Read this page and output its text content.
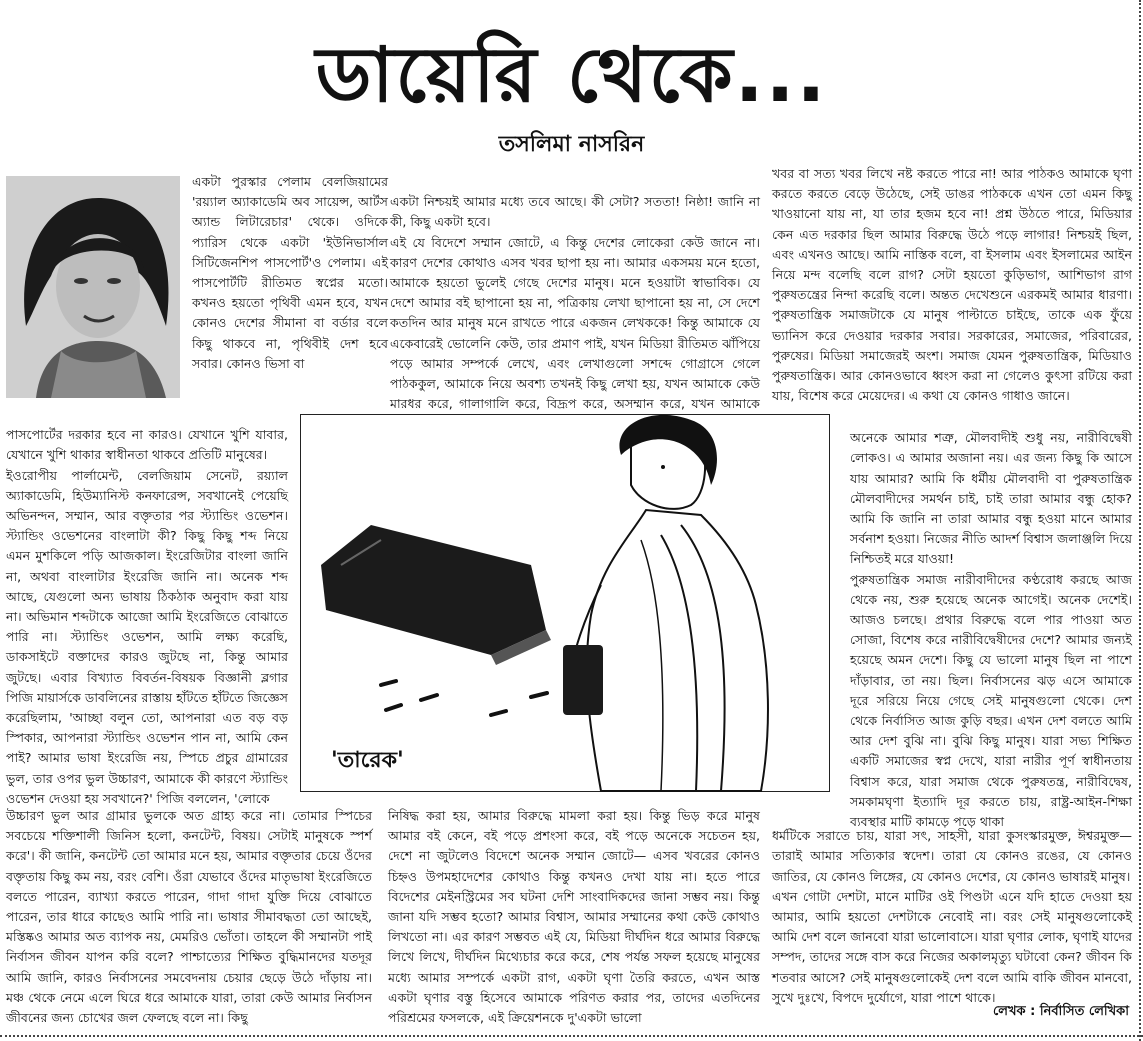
ডায়েরি থেকে...
তসলিমা নাসরিন

একটা পুরস্কার পেলাম বেলজিয়ামের 'রয়্যাল অ্যাকাডেমি অব সায়েন্স, আর্টস অ্যান্ড লিটারেচার' থেকে। ওদিকে প্যারিস থেকে একটা 'ইউনিভার্সাল সিটিজেনশিপ পাসপোর্ট'ও পেলাম। এই পাসপোর্টটি রীতিমত স্বপ্নের মতো। কখনও হয়তো পৃথিবী এমন হবে, যখন কোনও দেশের সীমানা বা বর্ডার বলে কিছু থাকবে না, পৃথিবীই দেশ হবে সবার। কোনও ভিসা বা

পাসপোর্টের দরকার হবে না কারও। যেখানে খুশি যাবার, যেখানে খুশি থাকার স্বাধীনতা থাকবে প্রতিটি মানুষের।
ইওরোপীয় পার্লামেন্ট, বেলজিয়াম সেনেট, রয়্যাল অ্যাকাডেমি, হিউম্যানিস্ট কনফারেন্স, সবখানেই পেয়েছি অভিনন্দন, সম্মান, আর বক্তৃতার পর স্ট্যান্ডিং ওভেশন। স্ট্যান্ডিং ওভেশনের বাংলাটা কী? কিছু কিছু শব্দ নিয়ে এমন মুশকিলে পড়ি আজকাল। ইংরেজিটার বাংলা জানি না, অথবা বাংলাটার ইংরেজি জানি না। অনেক শব্দ আছে, যেগুলো অন্য ভাষায় ঠিকঠাক অনুবাদ করা যায় না। অভিমান শব্দটাকে আজো আমি ইংরেজিতে বোঝাতে পারি না। স্ট্যান্ডিং ওভেশন, আমি লক্ষ্য করেছি, ডাকসাইটে বক্তাদের কারও জুটছে না, কিন্তু আমার জুটছে। এবার বিখ্যাত বিবর্তন-বিষয়ক বিজ্ঞানী ব্লগার পিজি মায়ার্সকে ডাবলিনের রাস্তায় হাঁটতে হাঁটতে জিজ্ঞেস করেছিলাম, 'আচ্ছা বলুন তো, আপনারা এত বড় বড় স্পিকার, আপনারা স্ট্যান্ডিং ওভেশন পান না, আমি কেন পাই? আমার ভাষা ইংরেজি নয়, স্পিচে প্রচুর গ্রামারের ভুল, তার ওপর ভুল উচ্চারণ, আমাকে কী কারণে স্ট্যান্ডিং ওভেশন দেওয়া হয় সবখানে?' পিজি বললেন, 'লোকে

উচ্চারণ ভুল আর গ্রামার ভুলকে অত গ্রাহ্য করে না। তোমার স্পিচের সবচেয়ে শক্তিশালী জিনিস হলো, কনটেন্ট, বিষয়। সেটাই মানুষকে স্পর্শ করে'। কী জানি, কনটেন্ট তো আমার মনে হয়, আমার বক্তৃতার চেয়ে ওঁদের বক্তৃতায় কিছু কম নয়, বরং বেশি। ওঁরা যেভাবে ওঁদের মাতৃভাষা ইংরেজিতে বলতে পারেন, ব্যাখ্যা করতে পারেন, গাদা গাদা যুক্তি দিয়ে বোঝাতে পারেন, তার ধারে কাছেও আমি পারি না। ভাষার সীমাবদ্ধতা তো আছেই, মস্তিষ্কও আমার অত ব্যাপক নয়, মেমরিও ভোঁতা। তাহলে কী সম্মানটা পাই নির্বাসন জীবন যাপন করি বলে? পাশ্চাত্যের শিক্ষিত বুদ্ধিমানদের যতদূর আমি জানি, কারও নির্বাসনের সমবেদনায় চেয়ার ছেড়ে উঠে দাঁড়ায় না। মঞ্চ থেকে নেমে এলে ঘিরে ধরে আমাকে যারা, তারা কেউ আমার নির্বাসন জীবনের জন্য চোখের জল ফেলছে বলে না। কিছু

একটা নিশ্চয়ই আমার মধ্যে তবে আছে। কী সেটা? সততা! নিষ্ঠা! জানি না কী, কিছু একটা হবে।
এই যে বিদেশে সম্মান জোটে, এ কিন্তু দেশের লোকেরা কেউ জানে না। কারণ দেশের কোথাও এসব খবর ছাপা হয় না। আমার একসময় মনে হতো, আমাকে হয়তো ভুলেই গেছে দেশের মানুষ। মনে হওয়াটা স্বাভাবিক। যে দেশে আমার বই ছাপানো হয় না, পত্রিকায় লেখা ছাপানো হয় না, সে দেশে কতদিন আর মানুষ মনে রাখতে পারে একজন লেখককে! কিন্তু আমাকে যে একেবারেই ভোলেনি কেউ, তার প্রমাণ পাই, যখন মিডিয়া রীতিমত ঝাঁপিয়ে পড়ে আমার সম্পর্কে লেখে, এবং লেখাগুলো সশব্দে গোগ্রাসে গেলে পাঠককুল, আমাকে নিয়ে অবশ্য তখনই কিছু লেখা হয়, যখন আমাকে কেউ মারধর করে, গালাগালি করে, বিদ্রূপ করে, অসম্মান করে, যখন আমাকে

নিষিদ্ধ করা হয়, আমার বিরুদ্ধে মামলা করা হয়। কিন্তু ভিড় করে মানুষ আমার বই কেনে, বই পড়ে প্রশংসা করে, বই পড়ে অনেকে সচেতন হয়, দেশে না জুটলেও বিদেশে অনেক সম্মান জোটে— এসব খবরের কোনও চিহ্নও উপমহাদেশের কোথাও কিন্তু কখনও দেখা যায় না। হতে পারে বিদেশের মেইনস্ট্রিমের সব ঘটনা দেশি সাংবাদিকদের জানা সম্ভব নয়। কিন্তু জানা যদি সম্ভব হতো? আমার বিশ্বাস, আমার সম্মানের কথা কেউ কোথাও লিখতো না। এর কারণ সম্ভবত এই যে, মিডিয়া দীর্ঘদিন ধরে আমার বিরুদ্ধে লিখে লিখে, দীর্ঘদিন মিথ্যেচার করে করে, শেষ পর্যন্ত সফল হয়েছে মানুষের মধ্যে আমার সম্পর্কে একটা রাগ, একটা ঘৃণা তৈরি করতে, এখন আস্ত একটা ঘৃণার বস্তু হিসেবে আমাকে পরিণত করার পর, তাদের এতদিনের পরিশ্রমের ফসলকে, এই ক্রিয়েশনকে দু'একটা ভালো

খবর বা সত্য খবর লিখে নষ্ট করতে পারে না! আর পাঠকও আমাকে ঘৃণা করতে করতে বেড়ে উঠেছে, সেই ডাঙর পাঠককে এখন তো এমন কিছু খাওয়ানো যায় না, যা তার হজম হবে না! প্রশ্ন উঠতে পারে, মিডিয়ার কেন এত দরকার ছিল আমার বিরুদ্ধে উঠে পড়ে লাগার! নিশ্চয়ই ছিল, এবং এখনও আছে। আমি নাস্তিক বলে, বা ইসলাম এবং ইসলামের আইন নিয়ে মন্দ বলেছি বলে রাগ? সেটা হয়তো কুড়িভাগ, আশিভাগ রাগ পুরুষতন্ত্রের নিন্দা করেছি বলে। অন্তত দেখেশুনে এরকমই আমার ধারণা। পুরুষতান্ত্রিক সমাজটাকে যে মানুষ পাল্টাতে চাইছে, তাকে এক ফুঁয়ে ভ্যানিস করে দেওয়ার দরকার সবার। সরকারের, সমাজের, পরিবারের, পুরুষের। মিডিয়া সমাজেরই অংশ। সমাজ যেমন পুরুষতান্ত্রিক, মিডিয়াও পুরুষতান্ত্রিক। আর কোনওভাবে ধ্বংস করা না গেলেও কুৎসা রটিয়ে করা যায়, বিশেষ করে মেয়েদের। এ কথা যে কোনও গাধাও জানে।

অনেকে আমার শত্রু, মৌলবাদীই শুধু নয়, নারীবিদ্বেষী লোকও। এ আমার অজানা নয়। এর জন্য কিছু কি আসে যায় আমার? আমি কি ধর্মীয় মৌলবাদী বা পুরুষতান্ত্রিক মৌলবাদীদের সমর্থন চাই, চাই তারা আমার বন্ধু হোক? আমি কি জানি না তারা আমার বন্ধু হওয়া মানে আমার সর্বনাশ হওয়া। নিজের নীতি আদর্শ বিশ্বাস জলাঞ্জলি দিয়ে নিশ্চিতই মরে যাওয়া!
পুরুষতান্ত্রিক সমাজ নারীবাদীদের কণ্ঠরোধ করছে আজ থেকে নয়, শুরু হয়েছে অনেক আগেই। অনেক দেশেই। আজও চলছে। প্রথার বিরুদ্ধে বলে পার পাওয়া অত সোজা, বিশেষ করে নারীবিদ্বেষীদের দেশে? আমার জন্যই হয়েছে অমন দেশে। কিছু যে ভালো মানুষ ছিল না পাশে দাঁড়াবার, তা নয়। ছিল। নির্বাসনের ঝড় এসে আমাকে দূরে সরিয়ে নিয়ে গেছে সেই মানুষগুলো থেকে। দেশ থেকে নির্বাসিত আজ কুড়ি বছর। এখন দেশ বলতে আমি আর দেশ বুঝি না। বুঝি কিছু মানুষ। যারা সভ্য শিক্ষিত একটি সমাজের স্বপ্ন দেখে, যারা নারীর পূর্ণ স্বাধীনতায় বিশ্বাস করে, যারা সমাজ থেকে পুরুষতন্ত্র, নারীবিদ্বেষ, সমকামঘৃণা ইত্যাদি দূর করতে চায়, রাষ্ট্র-আইন-শিক্ষা ব্যবস্থার মাটি কামড়ে পড়ে থাকা

ধর্মটিকে সরাতে চায়, যারা সৎ, সাহসী, যারা কুসংস্কারমুক্ত, ঈশ্বরমুক্ত— তারাই আমার সত্যিকার স্বদেশ। তারা যে কোনও রঙের, যে কোনও জাতির, যে কোনও লিঙ্গের, যে কোনও দেশের, যে কোনও ভাষারই মানুষ।
এখন গোটা দেশটা, মানে মাটির ওই পিণ্ডটা এনে যদি হাতে দেওয়া হয় আমার, আমি হয়তো দেশটাকে নেবোই না। বরং সেই মানুষগুলোকেই আমি দেশ বলে জানবো যারা ভালোবাসে। যারা ঘৃণার লোক, ঘৃণাই যাদের সম্পদ, তাদের সঙ্গে বাস করে নিজের অকালমৃত্যু ঘটাবো কেন? জীবন কি শতবার আসে? সেই মানুষগুলোকেই দেশ বলে আমি বাকি জীবন মানবো, সুখে দুঃখে, বিপদে দুর্যোগে, যারা পাশে থাকে।

লেখক : নির্বাসিত লেখিকা
'তারেক'
